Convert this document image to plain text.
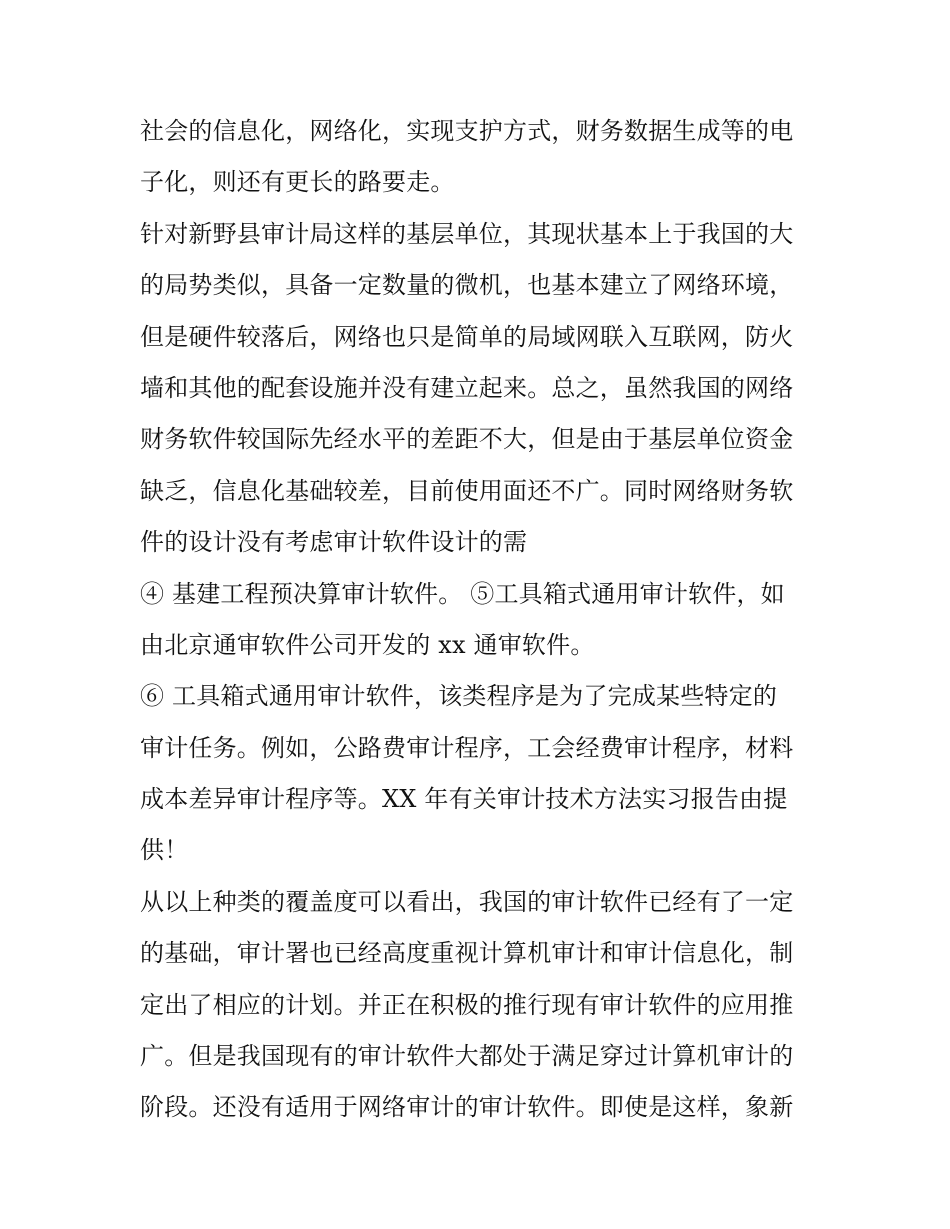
社会的信息化，网络化，实现支护方式，财务数据生成等的电
子化，则还有更长的路要走。
针对新野县审计局这样的基层单位，其现状基本上于我国的大
的局势类似，具备一定数量的微机，也基本建立了网络环境，
但是硬件较落后，网络也只是简单的局域网联入互联网，防火
墙和其他的配套设施并没有建立起来。总之，虽然我国的网络
财务软件较国际先经水平的差距不大，但是由于基层单位资金
缺乏，信息化基础较差，目前使用面还不广。同时网络财务软
件的设计没有考虑审计软件设计的需
④ 基建工程预决算审计软件。 ⑤工具箱式通用审计软件，如
由北京通审软件公司开发的 xx 通审软件。
⑥ 工具箱式通用审计软件，该类程序是为了完成某些特定的
审计任务。例如，公路费审计程序，工会经费审计程序，材料
成本差异审计程序等。XX 年有关审计技术方法实习报告由提
供！
从以上种类的覆盖度可以看出，我国的审计软件已经有了一定
的基础，审计署也已经高度重视计算机审计和审计信息化，制
定出了相应的计划。并正在积极的推行现有审计软件的应用推
广。但是我国现有的审计软件大都处于满足穿过计算机审计的
阶段。还没有适用于网络审计的审计软件。即使是这样，象新
